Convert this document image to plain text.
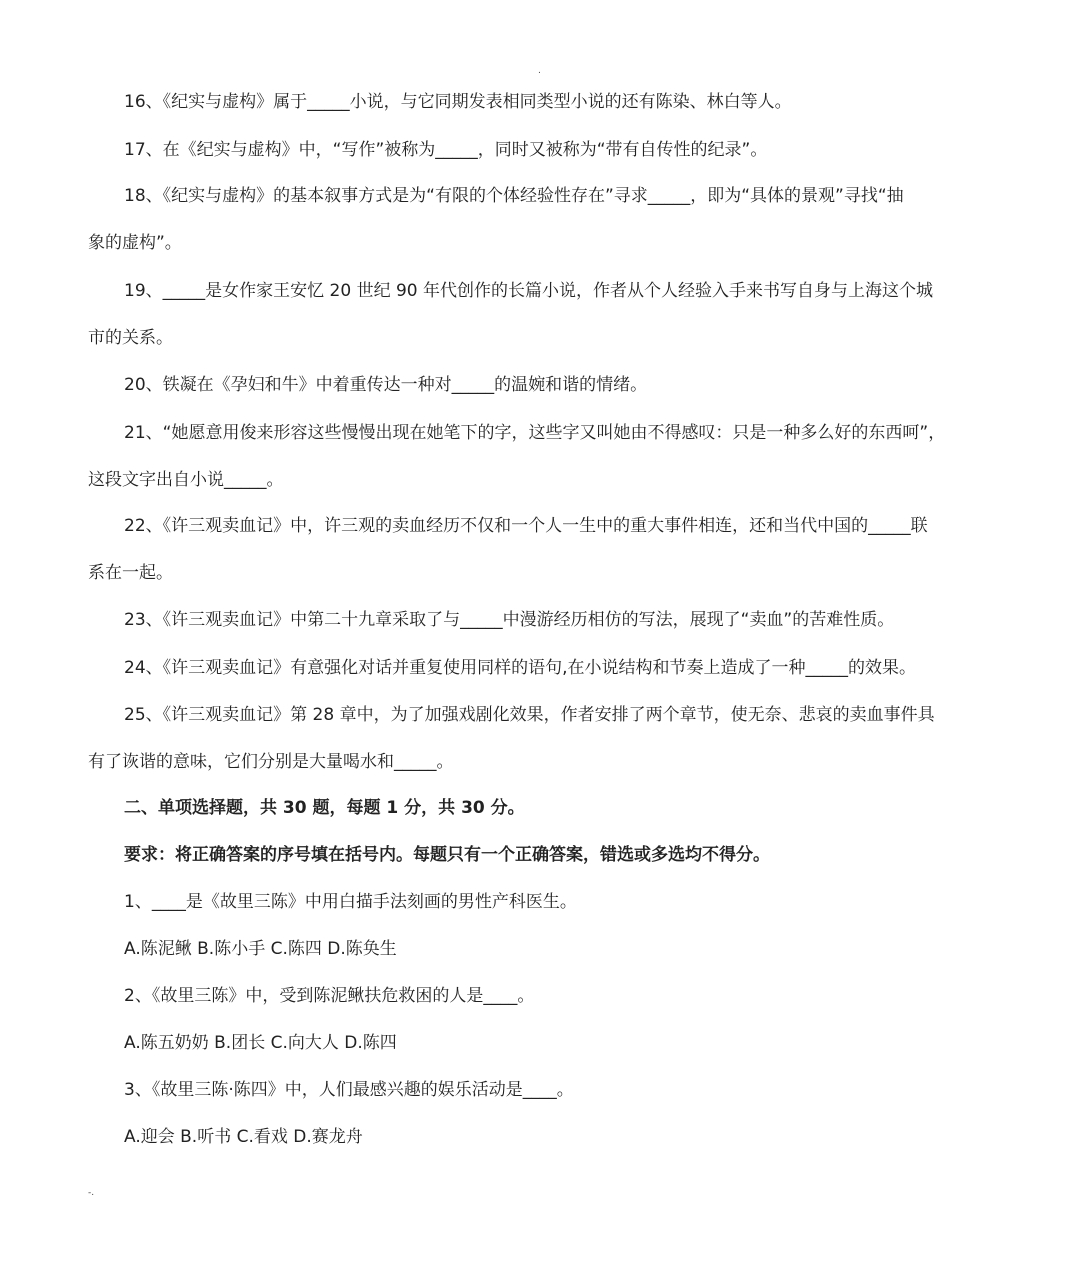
.
16、《纪实与虚构》属于_____小说，与它同期发表相同类型小说的还有陈染、林白等人。
17、在《纪实与虚构》中，“写作”被称为_____，同时又被称为“带有自传性的纪录”。
18、《纪实与虚构》的基本叙事方式是为“有限的个体经验性存在”寻求_____，即为“具体的景观”寻找“抽
象的虚构”。
19、_____是女作家王安忆 20 世纪 90 年代创作的长篇小说，作者从个人经验入手来书写自身与上海这个城
市的关系。
20、铁凝在《孕妇和牛》中着重传达一种对_____的温婉和谐的情绪。
21、“她愿意用俊来形容这些慢慢出现在她笔下的字，这些字又叫她由不得感叹：只是一种多么好的东西呵”，
这段文字出自小说_____。
22、《许三观卖血记》中，许三观的卖血经历不仅和一个人一生中的重大事件相连，还和当代中国的_____联
系在一起。
23、《许三观卖血记》中第二十九章采取了与_____中漫游经历相仿的写法，展现了“卖血”的苦难性质。
24、《许三观卖血记》有意强化对话并重复使用同样的语句,在小说结构和节奏上造成了一种_____的效果。
25、《许三观卖血记》第 28 章中，为了加强戏剧化效果，作者安排了两个章节，使无奈、悲哀的卖血事件具
有了诙谐的意味，它们分别是大量喝水和_____。
二、单项选择题，共 30 题，每题 1 分，共 30 分。
要求：将正确答案的序号填在括号内。每题只有一个正确答案，错选或多选均不得分。
1、____是《故里三陈》中用白描手法刻画的男性产科医生。
A.陈泥鳅 B.陈小手 C.陈四 D.陈奂生
2、《故里三陈》中，受到陈泥鳅扶危救困的人是____。
A.陈五奶奶 B.团长 C.向大人 D.陈四
3、《故里三陈·陈四》中，人们最感兴趣的娱乐活动是____。
A.迎会 B.听书 C.看戏 D.赛龙舟
-.
